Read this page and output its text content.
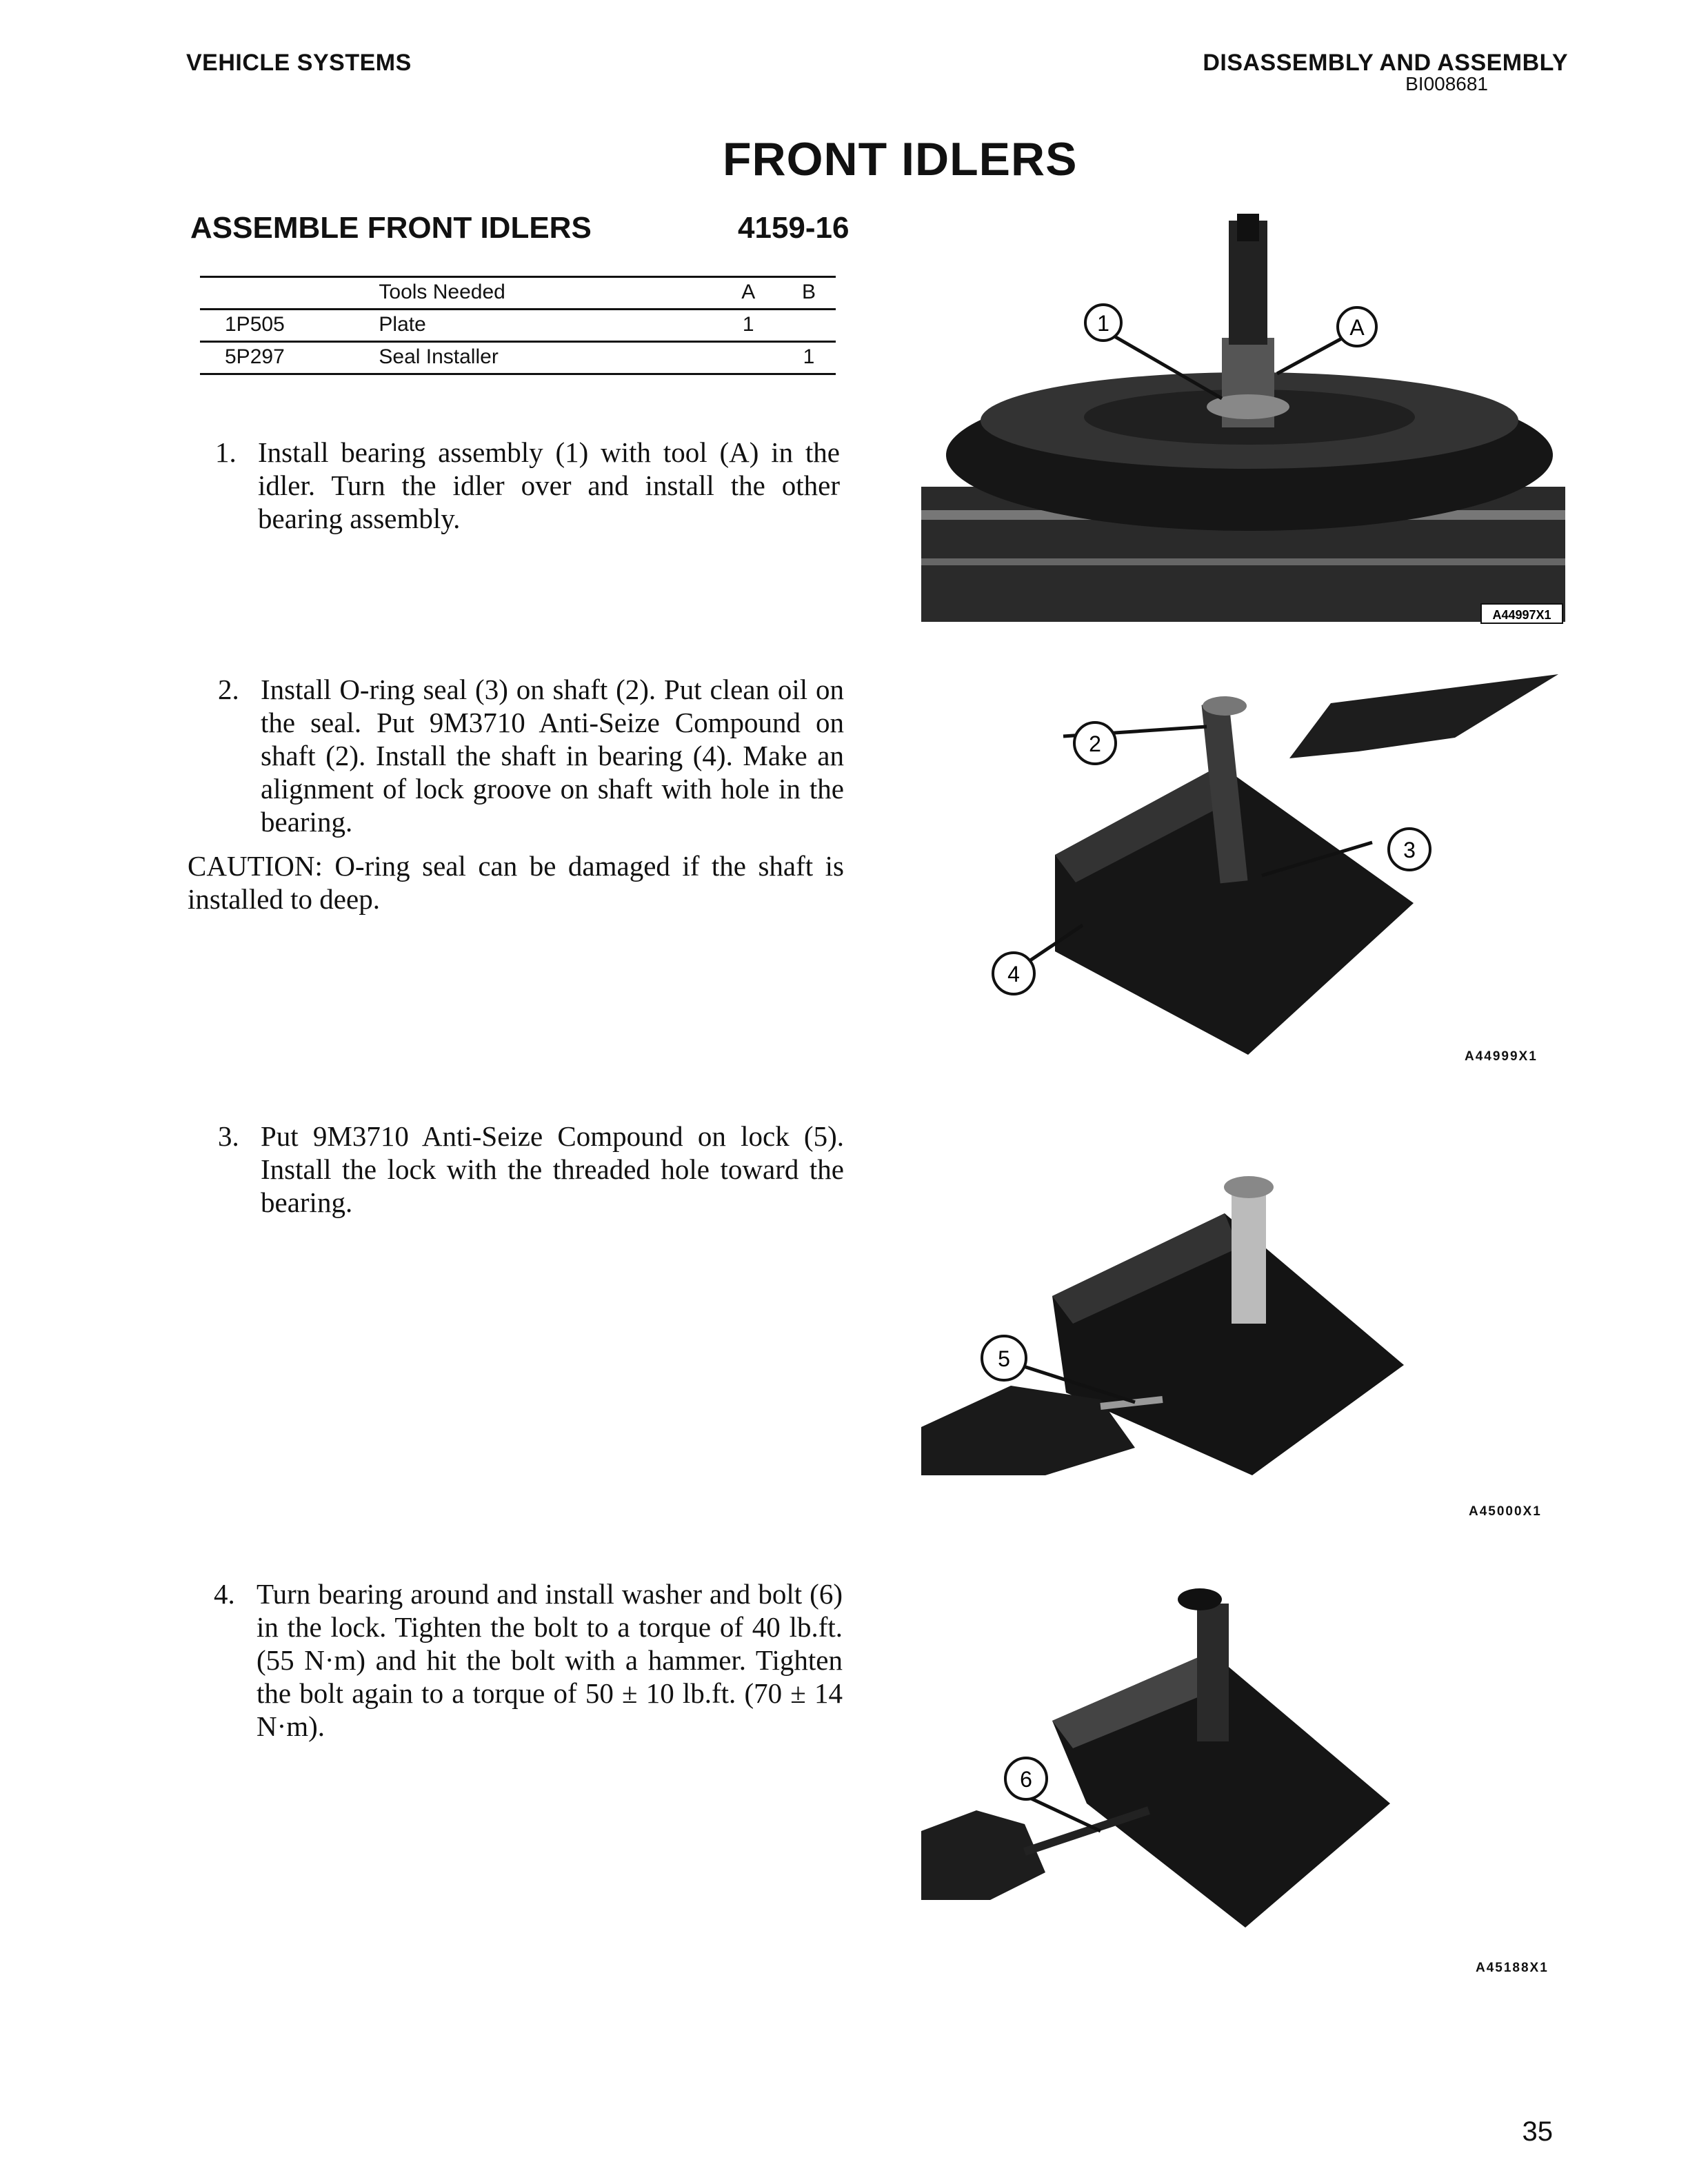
VEHICLE SYSTEMS	DISASSEMBLY AND ASSEMBLY
BI008681
FRONT IDLERS
ASSEMBLE FRONT IDLERS	4159-16
	Tools Needed	A	B
1P505	Plate	1	
5P297	Seal Installer		1
1. Install bearing assembly (1) with tool (A) in the idler. Turn the idler over and install the other bearing assembly.
2. Install O-ring seal (3) on shaft (2). Put clean oil on the seal. Put 9M3710 Anti-Seize Compound on shaft (2). Install the shaft in bearing (4). Make an alignment of lock groove on shaft with hole in the bearing.
CAUTION: O-ring seal can be damaged if the shaft is installed to deep.
3. Put 9M3710 Anti-Seize Compound on lock (5). Install the lock with the threaded hole toward the bearing.
4. Turn bearing around and install washer and bolt (6) in the lock. Tighten the bolt to a torque of 40 lb.ft. (55 N·m) and hit the bolt with a hammer. Tighten the bolt again to a torque of 50 ± 10 lb.ft. (70 ± 14 N·m).
1	A
A44997X1
2
3
4
A44999X1
5
A45000X1
6
A45188X1
35
